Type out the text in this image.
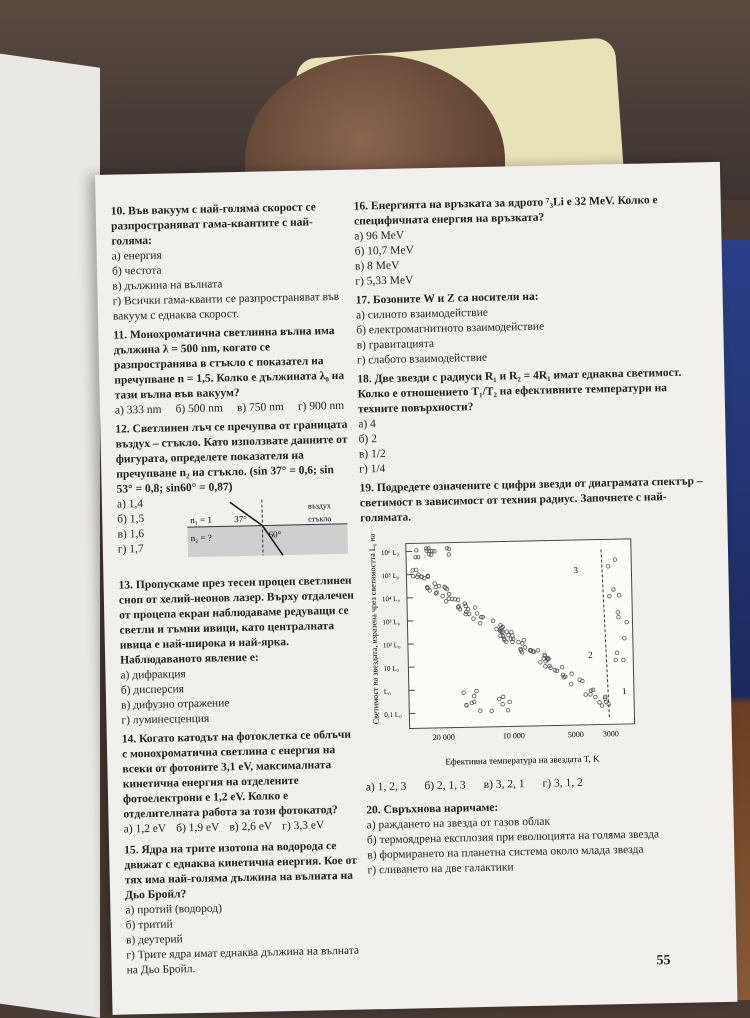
10. Във вакуум с най-голяма скорост се разпространяват гама-квантите с най-голяма:

а) енергия

б) честота

в) дължина на вълната

г) Всички гама-кванти се разпространяват във вакуум с еднаква скорост.

11. Монохроматична светлинна вълна има дължина λ = 500 nm, когато се разпространява в стъкло с показател на пречупване n = 1,5. Колко е дължината λ₀ на тази вълна във вакуум?

а) 333 nm б) 500 nm в) 750 nm г) 900 nm

12. Светлинен лъч се пречупва от границата въздух – стъкло. Като използвате данните от фигурата, определете показателя на пречупване n₂ на стъкло. (sin 37° = 0,6; sin 53° = 0,8; sin60° = 0,87)

а) 1,4

б) 1,5

в) 1,6

г) 1,7

n₁ = 1
n₂ = ?
37°
60°
въздух
стъкло

13. Пропускаме през тесен процеп светлинен сноп от хелий-неонов лазер. Върху отдалечен от процепа екран наблюдаваме редуващи се светли и тъмни ивици, като централната ивица е най-широка и най-ярка. Наблюдаваното явление е:

а) дифракция

б) дисперсия

в) дифузно отражение

г) луминесценция

14. Когато катодът на фотоклетка се облъчи с монохроматична светлина с енергия на всеки от фотоните 3,1 eV, максималната кинетична енергия на отделените фотоелектрони е 1,2 eV. Колко е отделителната работа за този фотокатод?

а) 1,2 eV б) 1,9 eV в) 2,6 eV г) 3,3 eV

15. Ядра на трите изотопа на водорода се движат с еднаква кинетична енергия. Кое от тях има най-голяма дължина на вълната на Дьо Бройл?

а) протий (водород)

б) тритий

в) деутерий

г) Трите ядра имат еднаква дължина на вълната на Дьо Бройл.

16. Енергията на връзката за ядрото ⁷₃Li е 32 MeV. Колко е специфичната енергия на връзката?

а) 96 MeV

б) 10,7 MeV

в) 8 MeV

г) 5,33 MeV

17. Бозоните W и Z са носители на:

а) силното взаимодействие

б) електромагнитното взаимодействие

в) гравитацията

г) слабото взаимодействие

18. Две звезди с радиуси R₁ и R₂ = 4R₁ имат еднаква светимост. Колко е отношението T₁/T₂ на ефективните температури на техните повърхности?

а) 4

б) 2

в) 1/2

г) 1/4

19. Подредете означените с цифри звезди от диаграмата спектър – светимост в зависимост от техния радиус. Започнете с най-голямата.

10⁶ L₀
10⁵ L₀
10⁴ L₀
10³ L₀
10² L₀
10 L₀
L₀
0,1 L₀
20 000	10 000	5000 3000
1
2
3
Светимост на звездата, изразена чрез светимостта L₀ на Слънцето
Ефективна температура на звездата T, K
а) 1, 2, 3 б) 2, 1, 3 в) 3, 2, 1 г) 3, 1, 2

20. Свръхнова наричаме:

а) раждането на звезда от газов облак

б) термоядрена експлозия при еволюцията на голяма звезда

в) формирането на планетна система около млада звезда

г) сливането на две галактики

55
